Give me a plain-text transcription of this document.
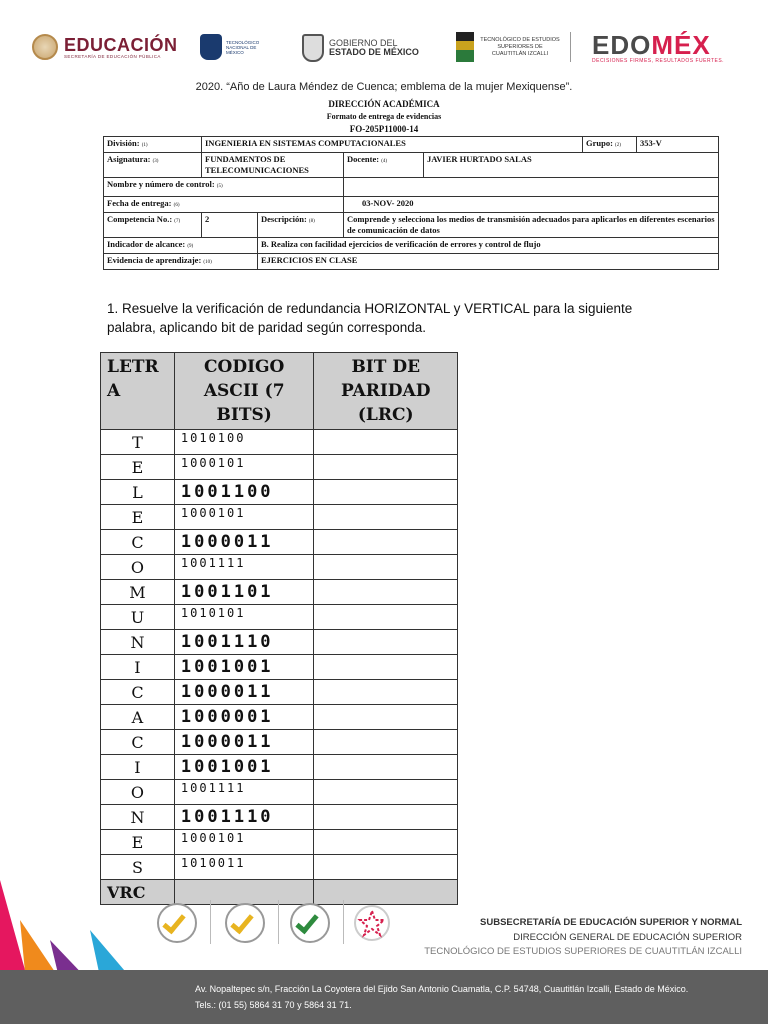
EDUCACIÓN
SECRETARÍA DE EDUCACIÓN PÚBLICA
TECNOLÓGICO NACIONAL DE MÉXICO
GOBIERNO DEL
ESTADO DE MÉXICO
TECNOLÓGICO DE ESTUDIOS SUPERIORES DE CUAUTITLÁN IZCALLI	EDOMÉX
DECISIONES FIRMES, RESULTADOS FUERTES.
2020. “Año de Laura Méndez de Cuenca; emblema de la mujer Mexiquense”.
DIRECCIÓN ACADÉMICA
Formato de entrega de evidencias
FO-205P11000-14
División: (1)	INGENIERIA EN SISTEMAS COMPUTACIONALES				Grupo: (2)	353-V
Asignatura: (3)	FUNDAMENTOS DE TELECOMUNICACIONES		Docente: (4)	JAVIER HURTADO SALAS		
Nombre y número de control: (5)						
Fecha de entrega: (6)			03-NOV- 2020			
Competencia No.: (7)	2	Descripción: (8)	Comprende y selecciona los medios de transmisión adecuados para aplicarlos en diferentes escenarios de comunicación de datos			
Indicador de alcance: (9)		B. Realiza con facilidad ejercicios de verificación de errores y control de flujo				
Evidencia de aprendizaje: (10)		EJERCICIOS EN CLASE				
1. Resuelve la verificación de redundancia HORIZONTAL y VERTICAL para la siguiente palabra, aplicando bit de paridad según corresponda.
LETR A	CODIGO ASCII (7 BITS)	BIT DE PARIDAD (LRC)
T	1010100	
E	1000101	
L	1001100	
E	1000101	
C	1000011	
O	1001111	
M	1001101	
U	1010101	
N	1001110	
I	1001001	
C	1000011	
A	1000001	
C	1000011	
I	1001001	
O	1001111	
N	1001110	
E	1000101	
S	1010011	
VRC		
SUBSECRETARÍA DE EDUCACIÓN SUPERIOR Y NORMAL
DIRECCIÓN GENERAL DE EDUCACIÓN SUPERIOR
TECNOLÓGICO DE ESTUDIOS SUPERIORES DE CUAUTITLÁN IZCALLI
Av. Nopaltepec s/n, Fracción La Coyotera del Ejido San Antonio Cuamatla, C.P. 54748, Cuautitlán Izcalli, Estado de México.
Tels.: (01 55) 5864 31 70 y 5864 31 71.
